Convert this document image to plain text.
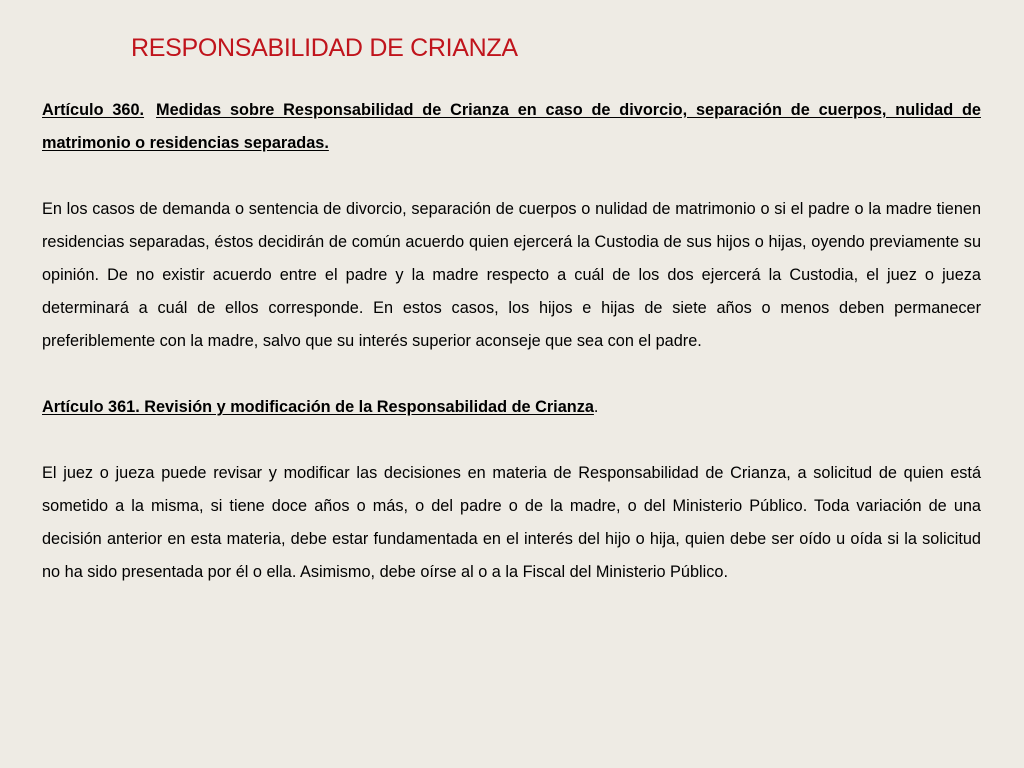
RESPONSABILIDAD DE CRIANZA

Artículo 360. Medidas sobre Responsabilidad de Crianza en caso de divorcio, separación de cuerpos, nulidad de matrimonio o residencias separadas.

En los casos de demanda o sentencia de divorcio, separación de cuerpos o nulidad de matrimonio o si el padre o la madre tienen residencias separadas, éstos decidirán de común acuerdo quien ejercerá la Custodia de sus hijos o hijas, oyendo previamente su opinión. De no existir acuerdo entre el padre y la madre respecto a cuál de los dos ejercerá la Custodia, el juez o jueza determinará a cuál de ellos corresponde. En estos casos, los hijos e hijas de siete años o menos deben permanecer preferiblemente con la madre, salvo que su interés superior aconseje que sea con el padre.

Artículo 361. Revisión y modificación de la Responsabilidad de Crianza.

El juez o jueza puede revisar y modificar las decisiones en materia de Responsabilidad de Crianza, a solicitud de quien está sometido a la misma, si tiene doce años o más, o del padre o de la madre, o del Ministerio Público. Toda variación de una decisión anterior en esta materia, debe estar fundamentada en el interés del hijo o hija, quien debe ser oído u oída si la solicitud no ha sido presentada por él o ella. Asimismo, debe oírse al o a la Fiscal del Ministerio Público.
